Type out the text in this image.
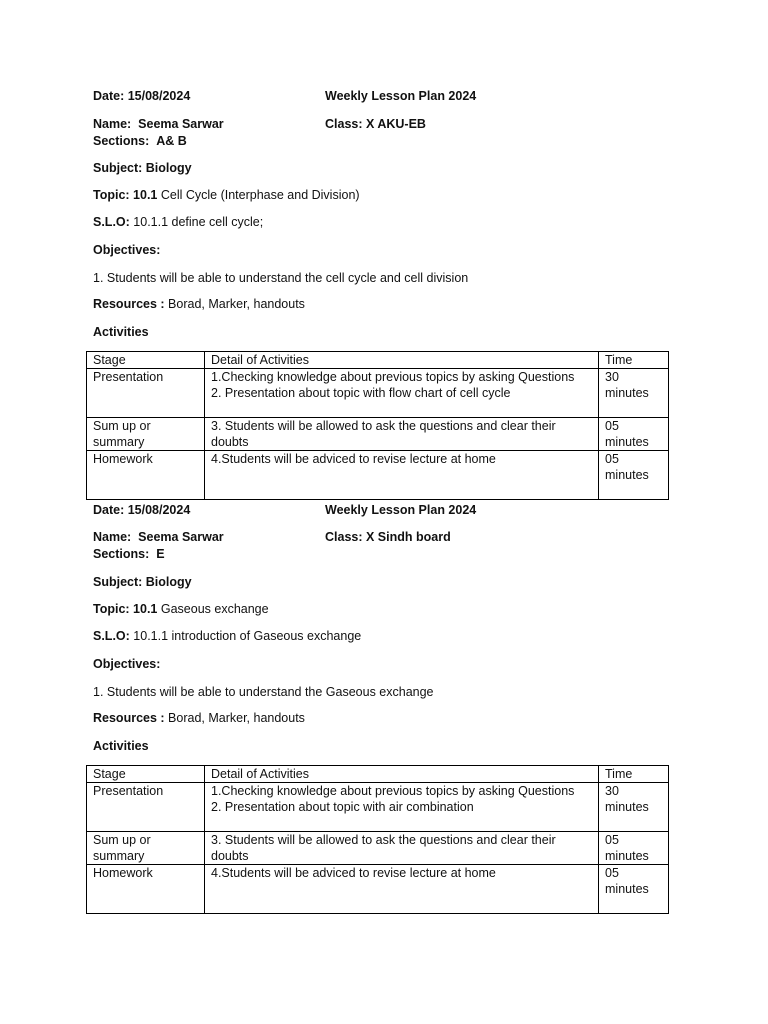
Date: 15/08/2024	Weekly Lesson Plan 2024
Name: Seema Sarwar	Class: X AKU-EB
Sections: A& B
Subject: Biology
Topic: 10.1 Cell Cycle (Interphase and Division)
S.L.O: 10.1.1 define cell cycle;
Objectives:
1. Students will be able to understand the cell cycle and cell division
Resources : Borad, Marker, handouts
Activities
Stage	Detail of Activities	Time

Presentation	1.Checking knowledge about previous topics by asking Questions
2. Presentation about topic with flow chart of cell cycle	30
minutes

Sum up or
summary	3. Students will be allowed to ask the questions and clear their
doubts	05
minutes

Homework	4.Students will be adviced to revise lecture at home	05
minutes
Date: 15/08/2024	Weekly Lesson Plan 2024
Name: Seema Sarwar	Class: X Sindh board
Sections: E
Subject: Biology
Topic: 10.1 Gaseous exchange
S.L.O: 10.1.1 introduction of Gaseous exchange
Objectives:
1. Students will be able to understand the Gaseous exchange
Resources : Borad, Marker, handouts
Activities
Stage	Detail of Activities	Time

Presentation	1.Checking knowledge about previous topics by asking Questions
2. Presentation about topic with air combination	30
minutes

Sum up or
summary	3. Students will be allowed to ask the questions and clear their
doubts	05
minutes

Homework	4.Students will be adviced to revise lecture at home	05
minutes
